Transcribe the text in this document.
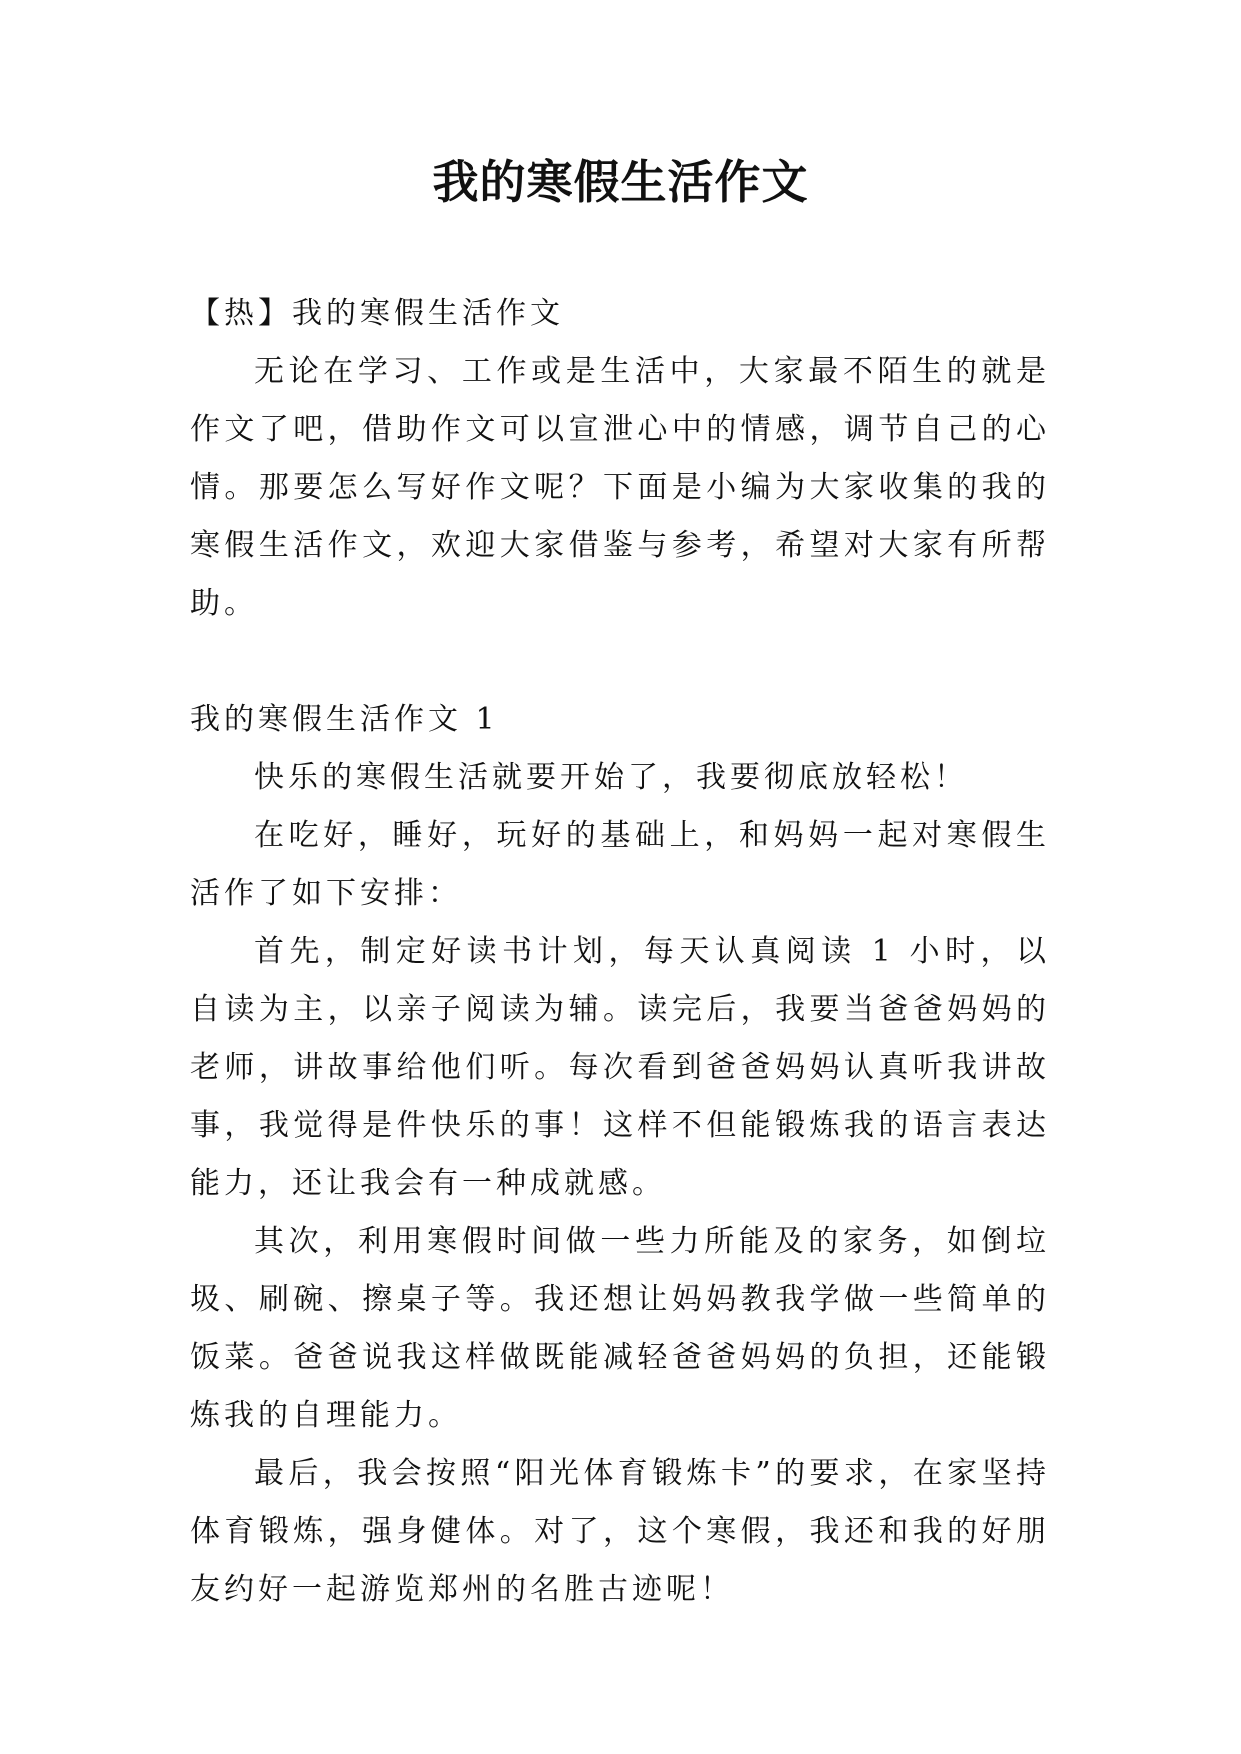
我的寒假生活作文

【热】我的寒假生活作文

无论在学习、工作或是生活中，大家最不陌生的就是作文了吧，借助作文可以宣泄心中的情感，调节自己的心情。那要怎么写好作文呢？下面是小编为大家收集的我的寒假生活作文，欢迎大家借鉴与参考，希望对大家有所帮助。

我的寒假生活作文 1

快乐的寒假生活就要开始了，我要彻底放轻松！

在吃好，睡好，玩好的基础上，和妈妈一起对寒假生活作了如下安排：

首先，制定好读书计划，每天认真阅读 1 小时，以自读为主，以亲子阅读为辅。读完后，我要当爸爸妈妈的老师，讲故事给他们听。每次看到爸爸妈妈认真听我讲故事，我觉得是件快乐的事！这样不但能锻炼我的语言表达能力，还让我会有一种成就感。

其次，利用寒假时间做一些力所能及的家务，如倒垃圾、刷碗、擦桌子等。我还想让妈妈教我学做一些简单的饭菜。爸爸说我这样做既能减轻爸爸妈妈的负担，还能锻炼我的自理能力。

最后，我会按照“阳光体育锻炼卡”的要求，在家坚持体育锻炼，强身健体。对了，这个寒假，我还和我的好朋友约好一起游览郑州的名胜古迹呢！
